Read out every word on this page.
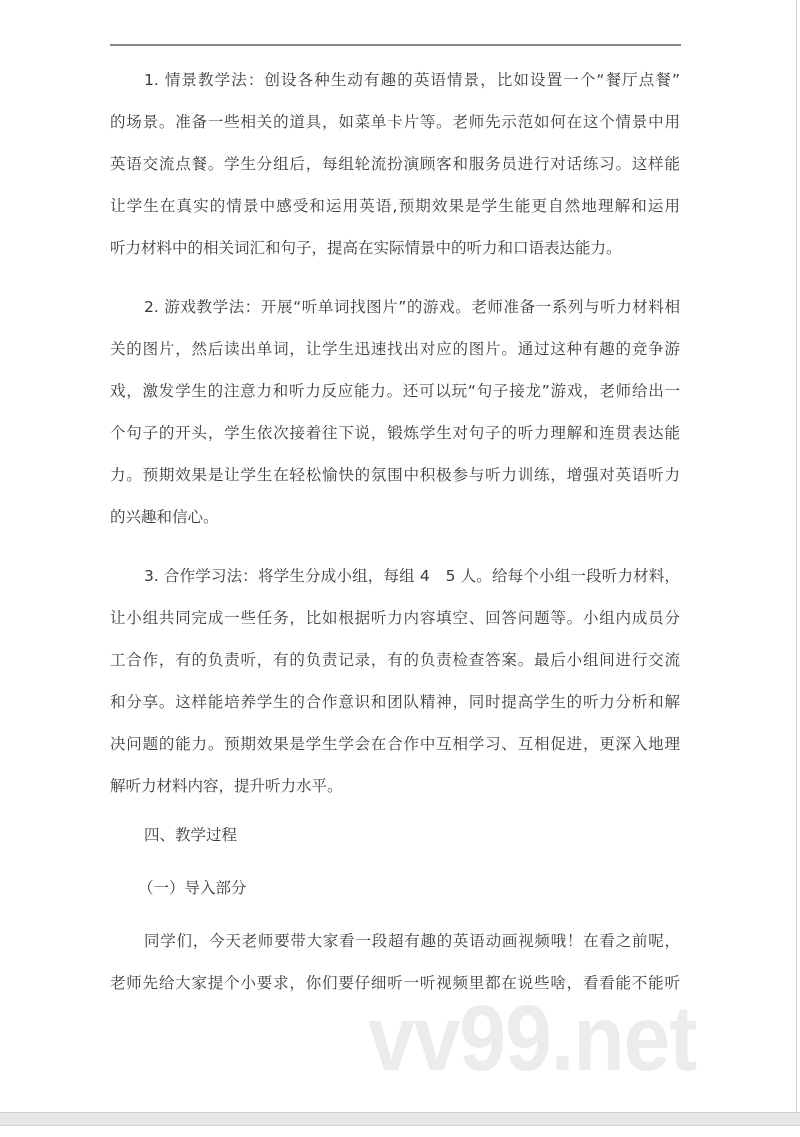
1. 情景教学法：创设各种生动有趣的英语情景，比如设置一个“餐厅点餐”
的场景。准备一些相关的道具，如菜单卡片等。老师先示范如何在这个情景中用
英语交流点餐。学生分组后，每组轮流扮演顾客和服务员进行对话练习。这样能
让学生在真实的情景中感受和运用英语,预期效果是学生能更自然地理解和运用
听力材料中的相关词汇和句子，提高在实际情景中的听力和口语表达能力。
2. 游戏教学法：开展“听单词找图片”的游戏。老师准备一系列与听力材料相
关的图片，然后读出单词，让学生迅速找出对应的图片。通过这种有趣的竞争游
戏，激发学生的注意力和听力反应能力。还可以玩“句子接龙”游戏，老师给出一
个句子的开头，学生依次接着往下说，锻炼学生对句子的听力理解和连贯表达能
力。预期效果是让学生在轻松愉快的氛围中积极参与听力训练，增强对英语听力
的兴趣和信心。
3. 合作学习法：将学生分成小组，每组 4　5 人。给每个小组一段听力材料，
让小组共同完成一些任务，比如根据听力内容填空、回答问题等。小组内成员分
工合作，有的负责听，有的负责记录，有的负责检查答案。最后小组间进行交流
和分享。这样能培养学生的合作意识和团队精神，同时提高学生的听力分析和解
决问题的能力。预期效果是学生学会在合作中互相学习、互相促进，更深入地理
解听力材料内容，提升听力水平。
四、教学过程
（一）导入部分
同学们，今天老师要带大家看一段超有趣的英语动画视频哦！在看之前呢，
老师先给大家提个小要求，你们要仔细听一听视频里都在说些啥，看看能不能听
vv99.net
